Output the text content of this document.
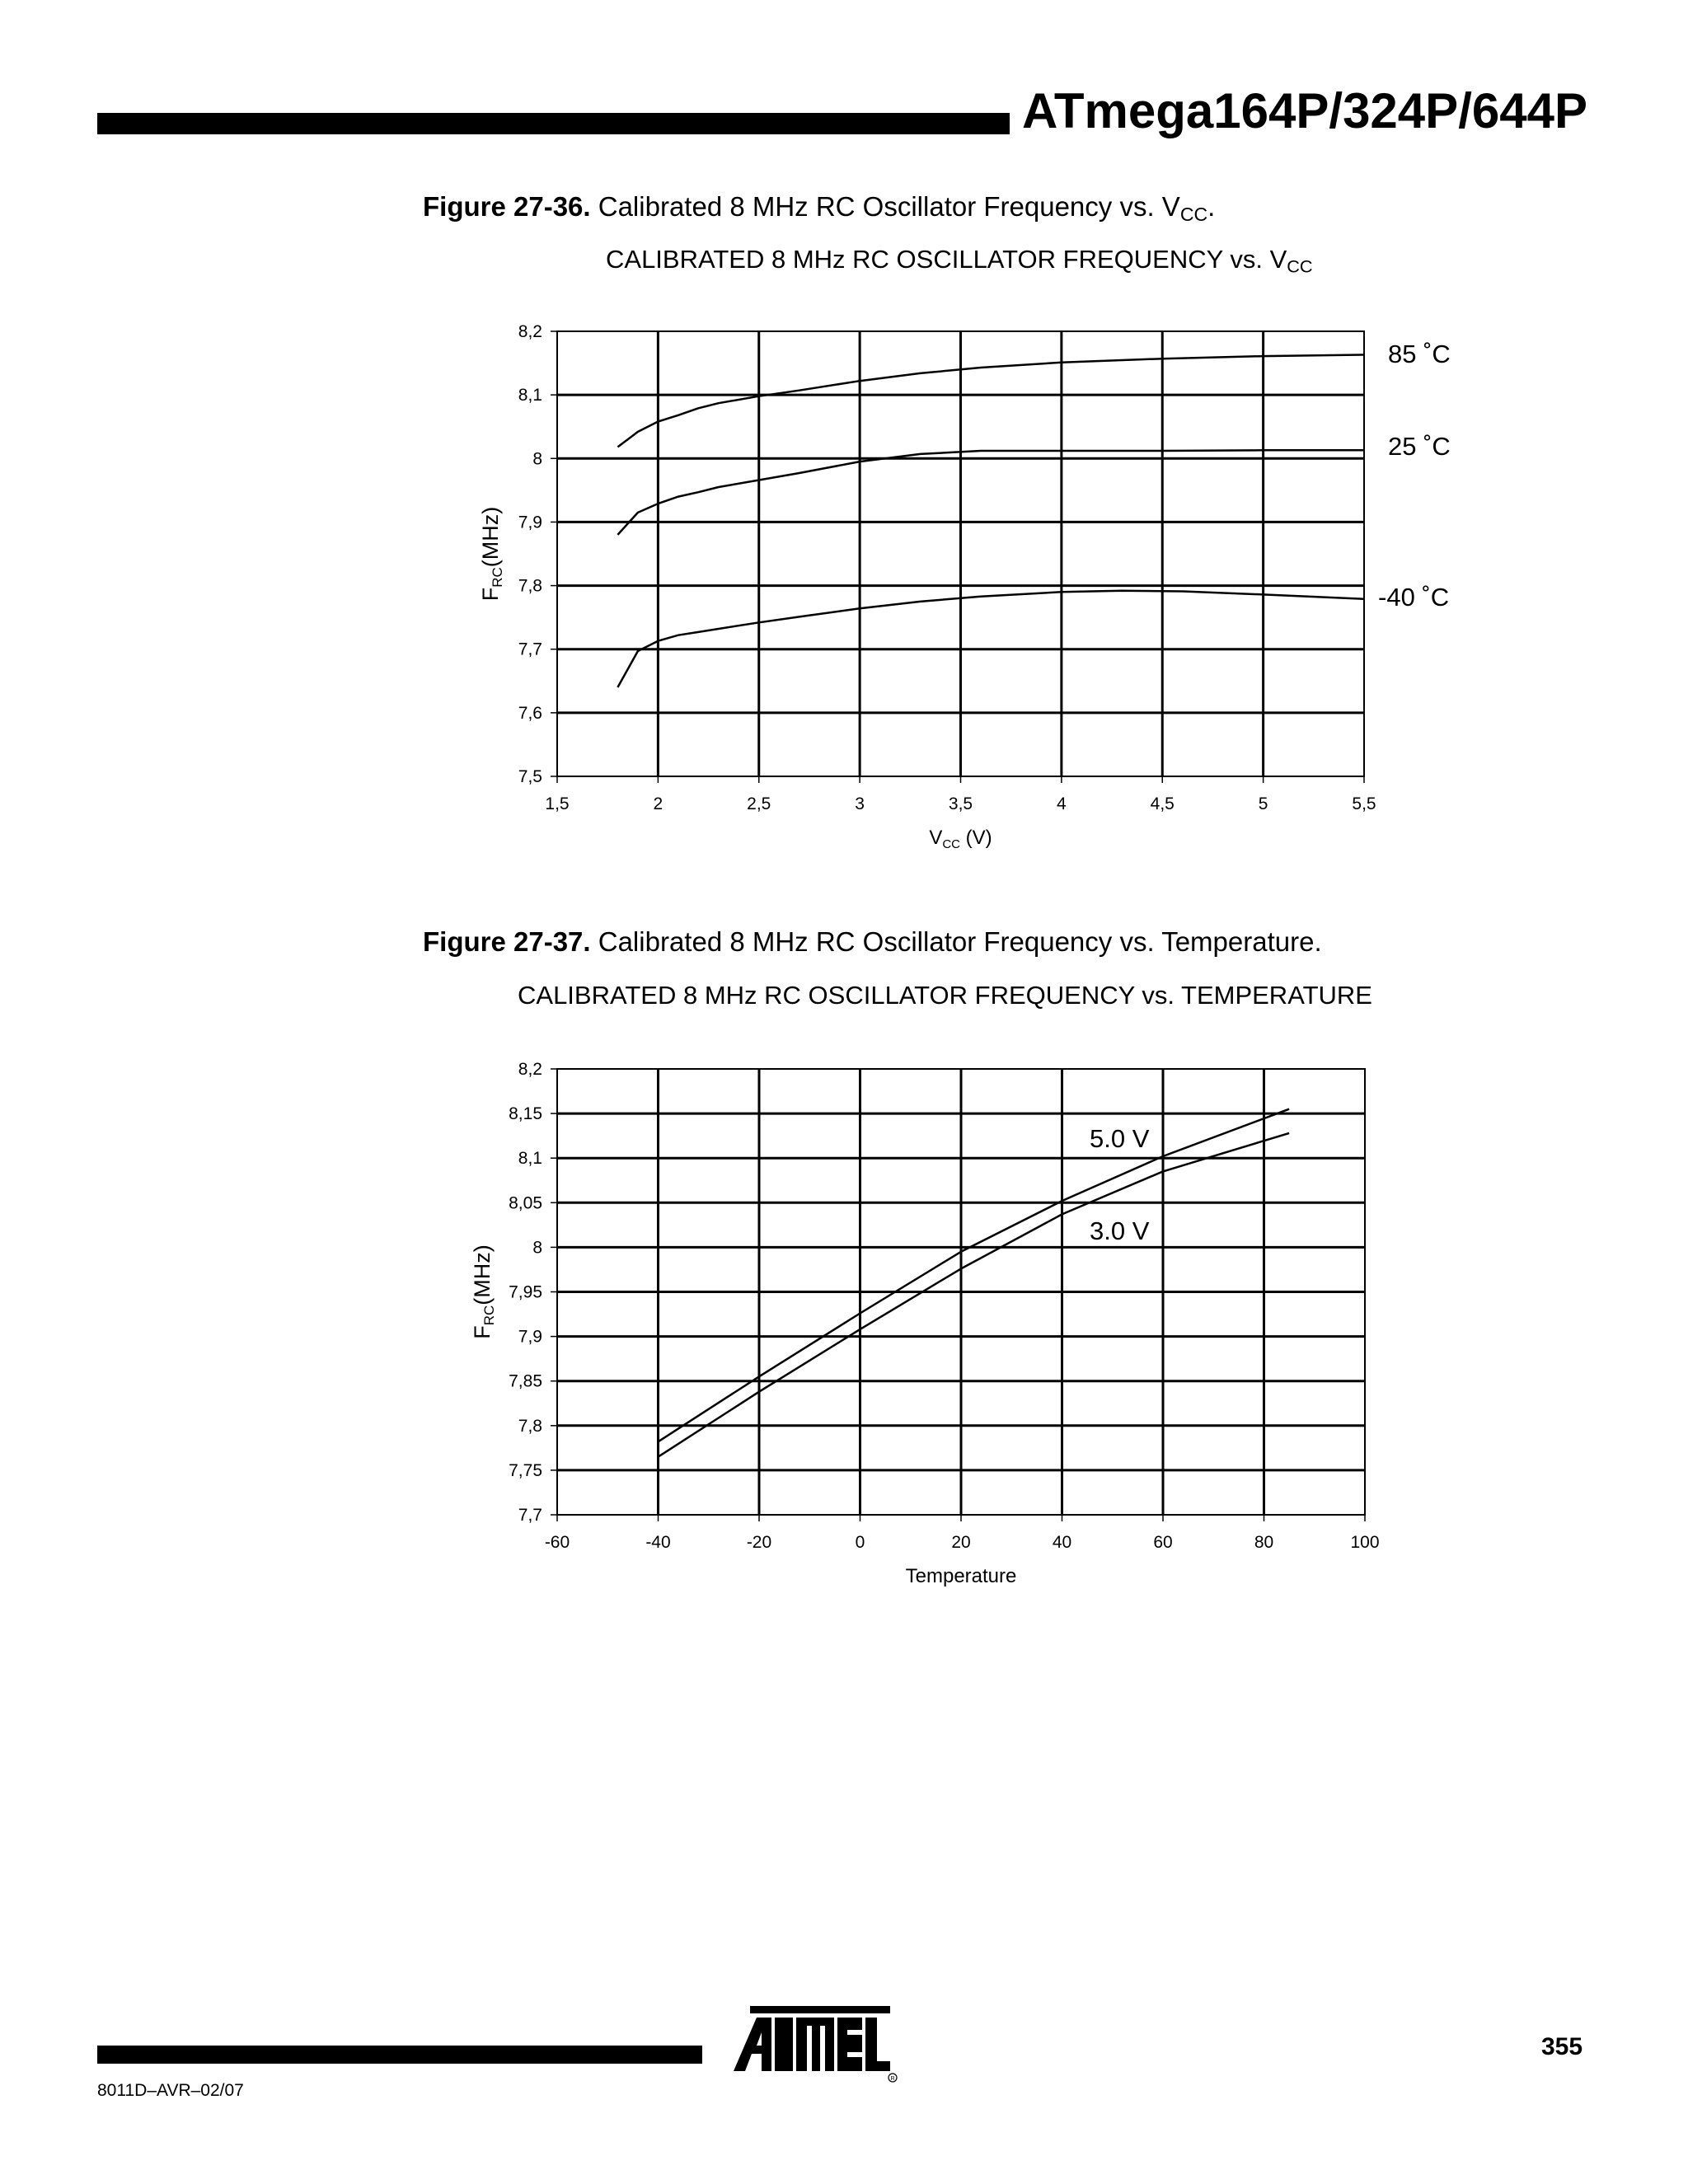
ATmega164P/324P/644P
Figure 27-36. Calibrated 8 MHz RC Oscillator Frequency vs. $V_{CC}$.
CALIBRATED 8 MHz RC OSCILLATOR FREQUENCY vs. $V_{CC}$
1,5	2	2,5	3	3,5	4	4,5	5	5,5
8,2
8,1
8
7,9
7,8
7,7
7,6
7,5
85 ˚C
25 ˚C
-40 ˚C
$V_{CC}$ (V)
FRC(MHz)
Figure 27-37. Calibrated 8 MHz RC Oscillator Frequency vs. Temperature.
CALIBRATED 8 MHz RC OSCILLATOR FREQUENCY vs. TEMPERATURE
-60	-40	-20	0	20	40	60	80	100
8,2
8,15
8,1
8,05
8
7,95
7,9
7,85
7,8
7,75
7,7
5.0 V
3.0 V
Temperature
FRC(MHz)
8011D–AVR–02/07
355
R
